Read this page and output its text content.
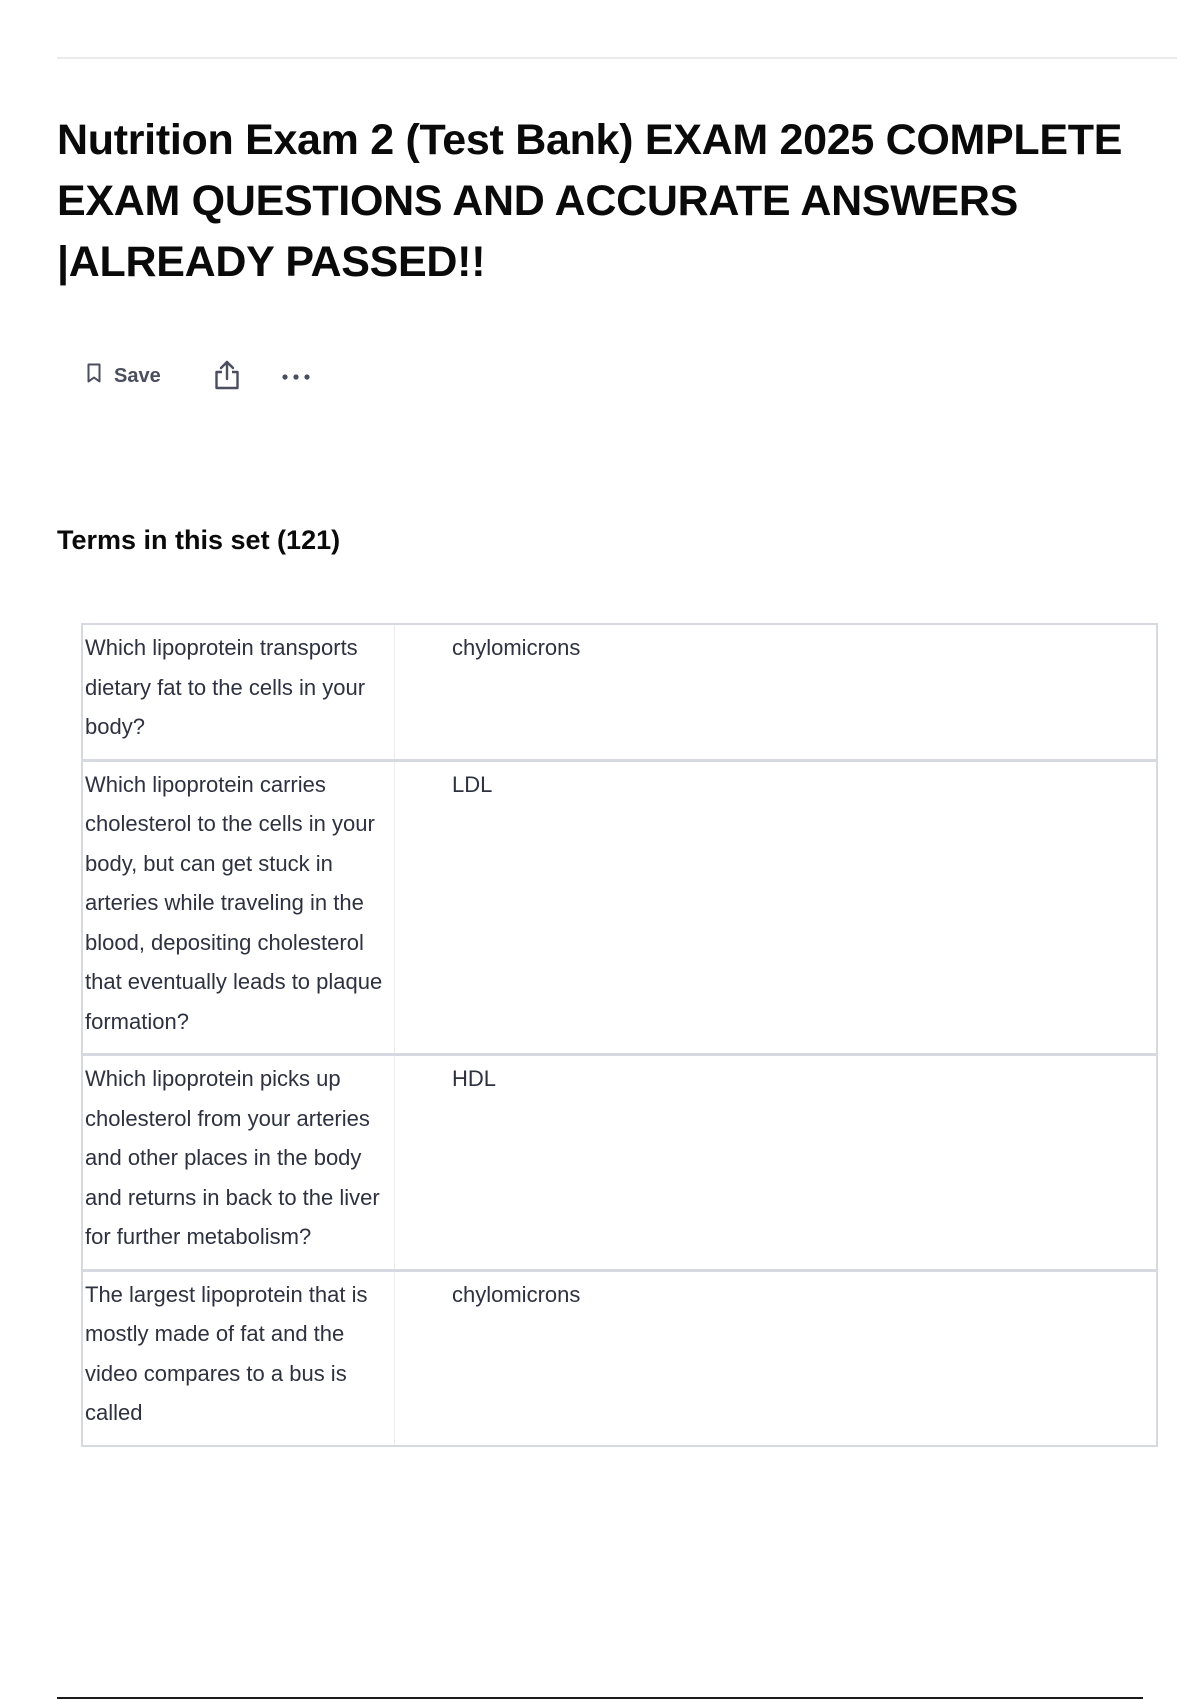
Nutrition Exam 2 (Test Bank) EXAM 2025 COMPLETE EXAM QUESTIONS AND ACCURATE ANSWERS |ALREADY PASSED!!
Save
Terms in this set (121)
Which lipoprotein transports dietary fat to the cells in your body?
chylomicrons
Which lipoprotein carries cholesterol to the cells in your body, but can get stuck in arteries while traveling in the blood, depositing cholesterol that eventually leads to plaque formation?
LDL
Which lipoprotein picks up cholesterol from your arteries and other places in the body and returns in back to the liver for further metabolism?
HDL
The largest lipoprotein that is mostly made of fat and the video compares to a bus is called
chylomicrons
